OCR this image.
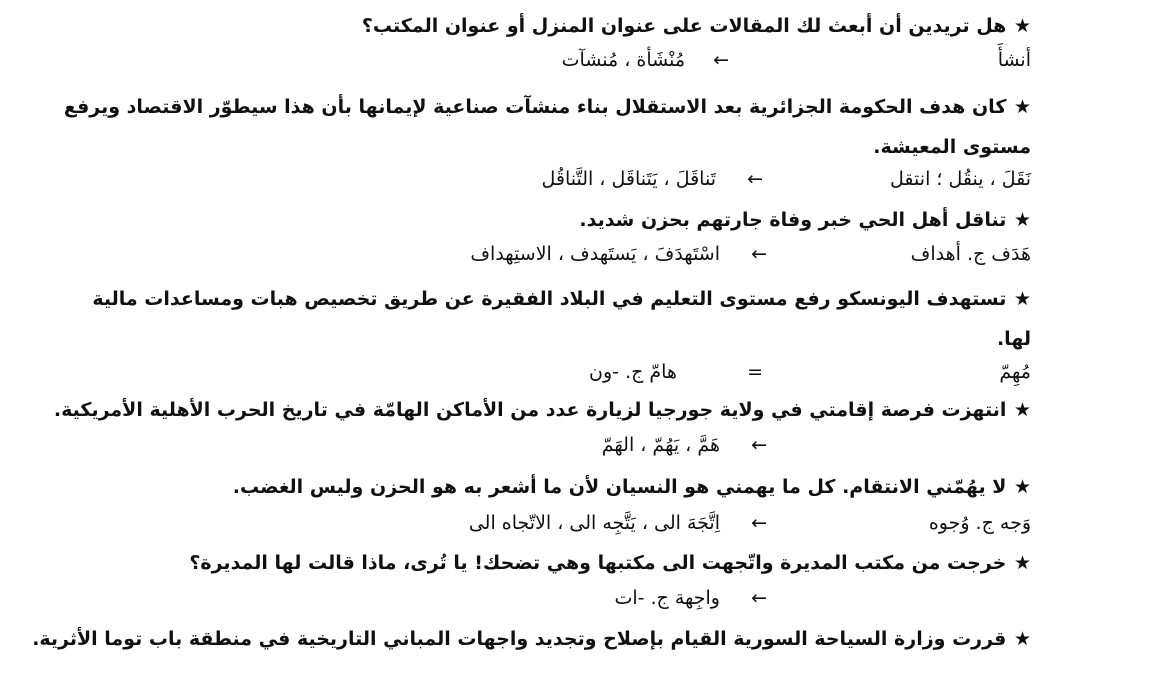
★ هل تريدين أن أبعث لك المقالات على عنوان المنزل أو عنوان المكتب؟
أنشأَ
←
مُنْشَأة ، مُنشآت
★ كان هدف الحكومة الجزائرية بعد الاستقلال بناء منشآت صناعية لإيمانها بأن هذا سيطوّر الاقتصاد ويرفع
مستوى المعيشة.
نَقَلَ ، ينقُل ؛ انتقل
←
تَناقَلَ ، يَتَناقَل ، التَّناقُل
★ تناقل أهل الحي خبر وفاة جارتهم بحزن شديد.
هَدَف ج. أهداف
←
اسْتَهدَفَ ، يَستَهدف ، الاستِهداف
★ تستهدف اليونسكو رفع مستوى التعليم في البلاد الفقيرة عن طريق تخصيص هبات ومساعدات مالية
لها.
مُهِمّ
=
هامّ ج. -ون
★ انتهزت فرصة إقامتي في ولاية جورجيا لزيارة عدد من الأماكن الهامّة في تاريخ الحرب الأهلية الأمريكية.
←
هَمَّ ، يَهُمّ ، الهَمّ
★ لا يهُمّني الانتقام. كل ما يهمني هو النسيان لأن ما أشعر به هو الحزن وليس الغضب.
وَجه ج. وُجوه
←
اِتَّجَهَ الى ، يَتَّجِه الى ، الاتّجاه الى
★ خرجت من مكتب المديرة واتّجهت الى مكتبها وهي تضحك! يا تُرى، ماذا قالت لها المديرة؟
←
واجِهة ج. -ات
★ قررت وزارة السياحة السورية القيام بإصلاح وتجديد واجهات المباني التاريخية في منطقة باب توما الأثرية.
